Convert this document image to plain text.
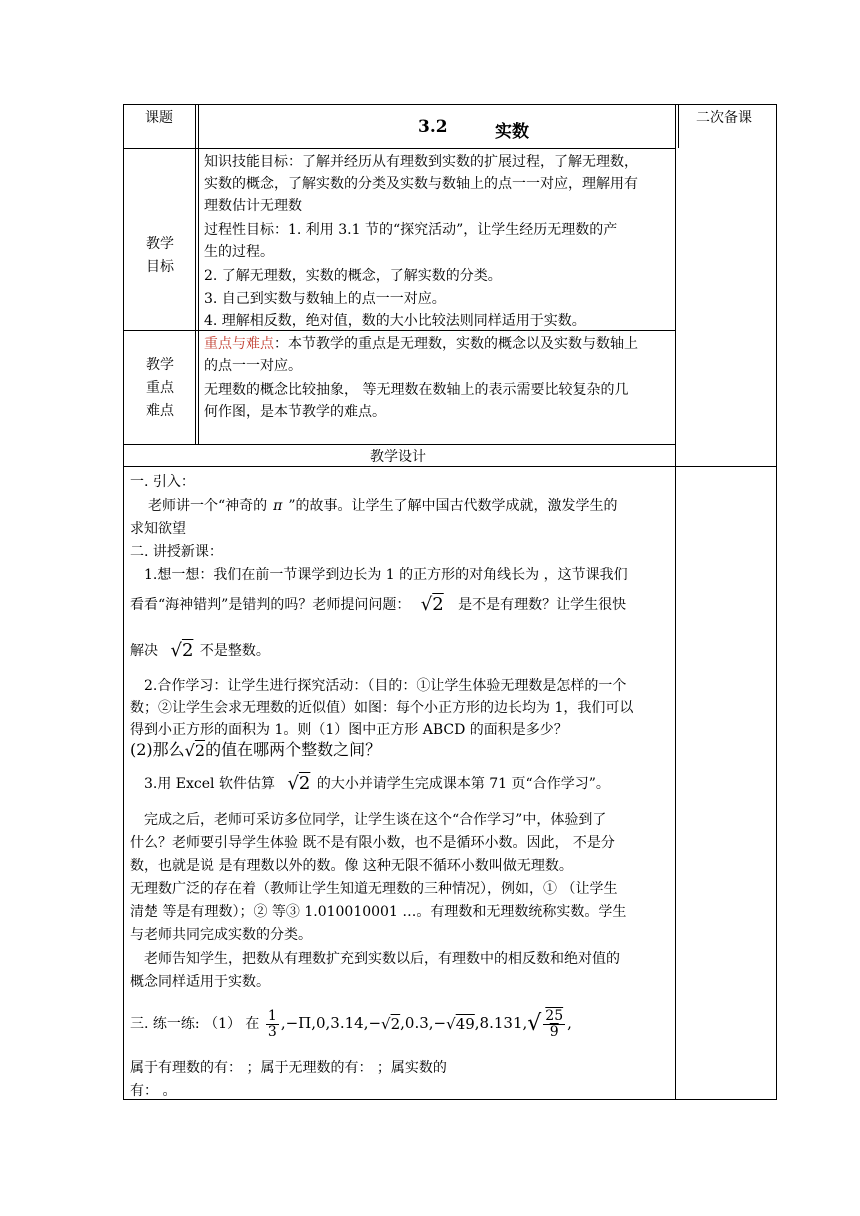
课题	3.2	实数
二次备课
教学
目标
知识技能目标：了解并经历从有理数到实数的扩展过程，了解无理数，
实数的概念，了解实数的分类及实数与数轴上的点一一对应，理解用有
理数估计无理数
过程性目标：1. 利用 3.1 节的“探究活动”，让学生经历无理数的产
生的过程。
2. 了解无理数，实数的概念，了解实数的分类。
3. 自己到实数与数轴上的点一一对应。
4. 理解相反数，绝对值，数的大小比较法则同样适用于实数。
教学
重点
难点
重点与难点：本节教学的重点是无理数，实数的概念以及实数与数轴上
的点一一对应。
无理数的概念比较抽象， 等无理数在数轴上的表示需要比较复杂的几
何作图，是本节教学的难点。
教学设计
一. 引入：
老师讲一个“神奇的 π ”的故事。让学生了解中国古代数学成就，激发学生的
求知欲望
二. 讲授新课：
1.想一想：我们在前一节课学到边长为 1 的正方形的对角线长为 ，这节课我们
看看“海神错判”是错判的吗？老师提问问题： √2 是不是有理数？让学生很快
解决 √2 不是整数。
2.合作学习：让学生进行探究活动：（目的：①让学生体验无理数是怎样的一个
数；②让学生会求无理数的近似值）如图：每个小正方形的边长均为 1，我们可以
得到小正方形的面积为 1。则（1）图中正方形 ABCD 的面积是多少？
(2)那么√2的值在哪两个整数之间？
3.用 Excel 软件估算 √2 的大小并请学生完成课本第 71 页“合作学习”。
完成之后，老师可采访多位同学，让学生谈在这个“合作学习”中，体验到了
什么？老师要引导学生体验 既不是有限小数，也不是循环小数。因此， 不是分
数，也就是说 是有理数以外的数。像 这种无限不循环小数叫做无理数。
无理数广泛的存在着（教师让学生知道无理数的三种情况），例如，① （让学生
清楚 等是有理数）；② 等③ 1.010010001 …。有理数和无理数统称实数。学生
与老师共同完成实数的分类。
老师告知学生，把数从有理数扩充到实数以后，有理数中的相反数和绝对值的
概念同样适用于实数。
三. 练一练: （1） 在 $\frac{1}{3} ,-\Pi,0,3.14,-√2,0.3,-√49,8.131,√ \frac{25}{9}$ ,
属于有理数的有： ；属于无理数的有： ；属实数的
有： 。
